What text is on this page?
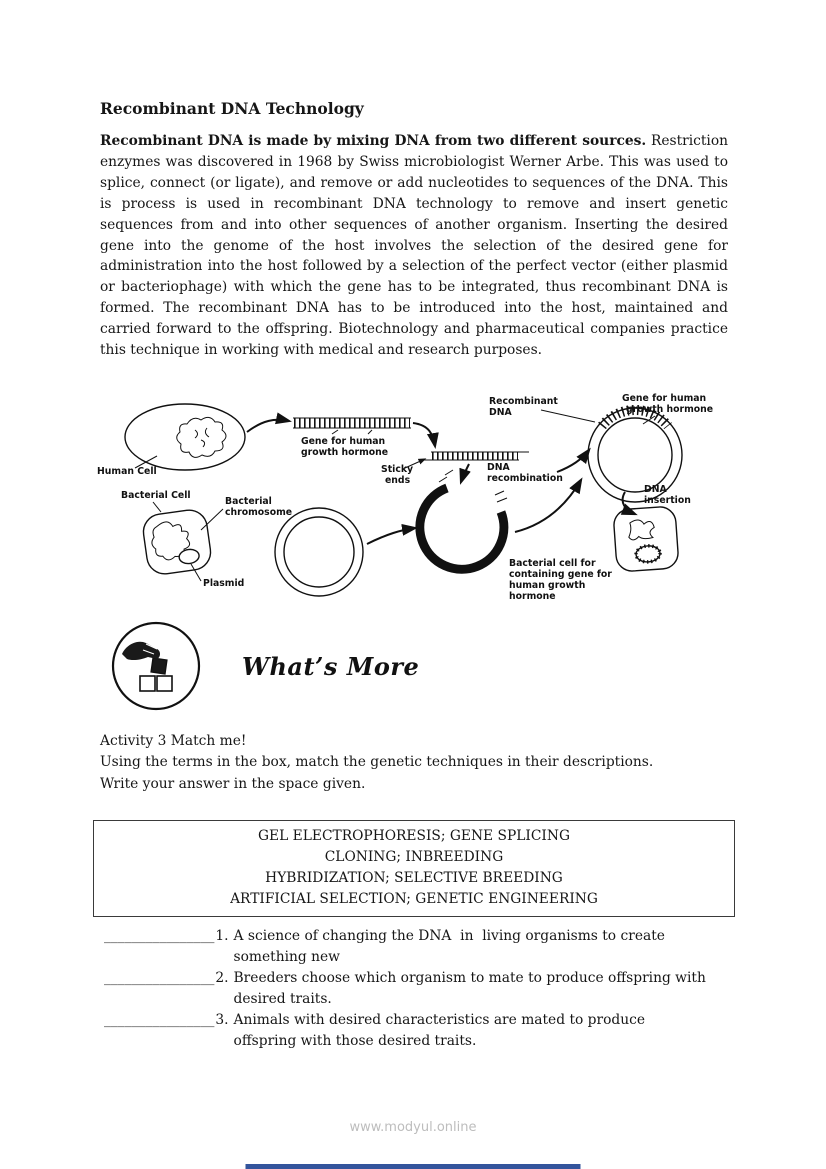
Recombinant DNA Technology

Recombinant DNA is made by mixing DNA from two different sources. Restriction enzymes was discovered in 1968 by Swiss microbiologist Werner Arbe. This was used to splice, connect (or ligate), and remove or add nucleotides to sequences of the DNA. This is process is used in recombinant DNA technology to remove and insert genetic sequences from and into other sequences of another organism. Inserting the desired gene into the genome of the host involves the selection of the desired gene for administration into the host followed by a selection of the perfect vector (either plasmid or bacteriophage) with which the gene has to be integrated, thus recombinant DNA is formed. The recombinant DNA has to be introduced into the host, maintained and carried forward to the offspring. Biotechnology and pharmaceutical companies practice this technique in working with medical and research purposes.

Human Cell
Gene for human
growth hormone
Sticky
ends
Recombinant
DNA
DNA
recombination
Gene for human
growth hormone
DNA
insertion
Bacterial Cell
Bacterial
chromosome
Plasmid
Bacterial cell for
containing gene for
human growth
hormone
What’s More
Activity 3 Match me!
Using the terms in the box, match the genetic techniques in their descriptions.
Write your answer in the space given.
GEL ELECTROPHORESIS; GENE SPLICING
CLONING; INBREEDING
HYBRIDIZATION; SELECTIVE BREEDING
ARTIFICIAL SELECTION; GENETIC ENGINEERING
________________ 1. A science of changing the DNA  in  living organisms to create something new
________________ 2. Breeders choose which organism to mate to produce offspring with desired traits.
________________ 3. Animals with desired characteristics are mated to produce offspring with those desired traits.
www.modyul.online
